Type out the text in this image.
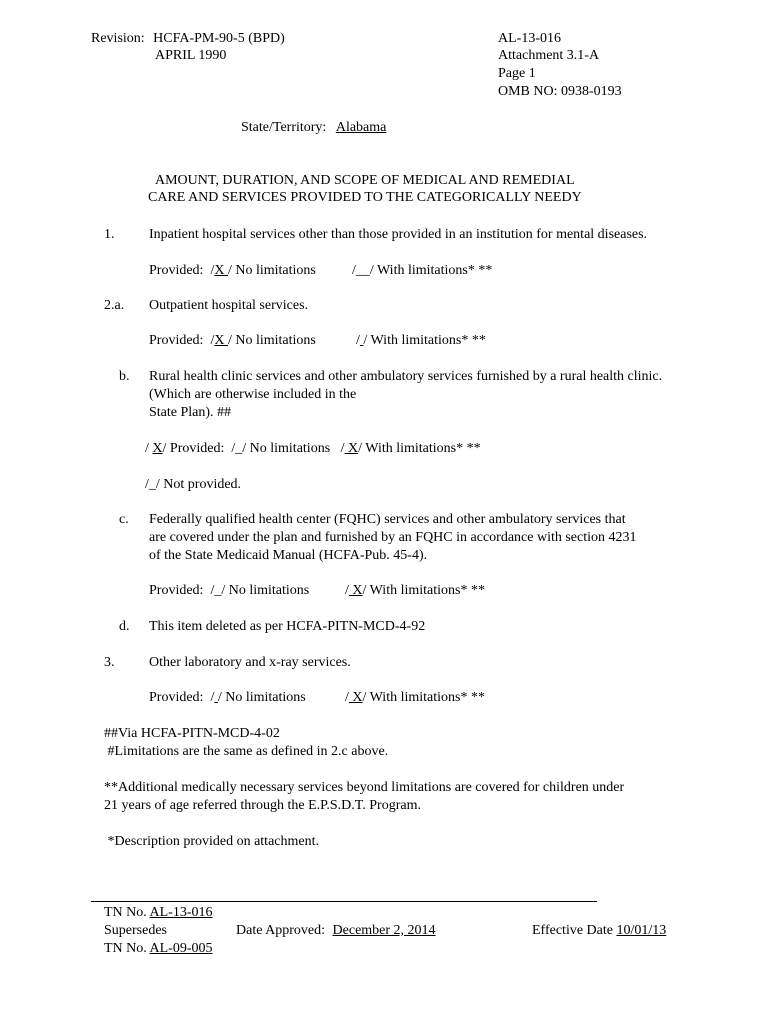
Revision: HCFA-PM-90-5 (BPD)
APRIL 1990
AL-13-016
Attachment 3.1-A
Page 1
OMB NO: 0938-0193
State/Territory: Alabama
AMOUNT, DURATION, AND SCOPE OF MEDICAL AND REMEDIAL
CARE AND SERVICES PROVIDED TO THE CATEGORICALLY NEEDY
1. Inpatient hospital services other than those provided in an institution for mental diseases.
Provided:  /X / No limitations	/__/ With limitations* **
2.a. Outpatient hospital services.
Provided:  /X / No limitations	/ / With limitations* **
b. Rural health clinic services and other ambulatory services furnished by a rural health clinic.
(Which are otherwise included in the
State Plan). ##
/ X/ Provided:  /_/ No limitations   / X/ With limitations* **
/_/ Not provided.
c. Federally qualified health center (FQHC) services and other ambulatory services that
are covered under the plan and furnished by an FQHC in accordance with section 4231
of the State Medicaid Manual (HCFA-Pub. 45-4).
Provided:  /_/ No limitations	/ X/ With limitations* **
d. This item deleted as per HCFA-PITN-MCD-4-92
3. Other laboratory and x-ray services.
Provided:  / / No limitations	/ X/ With limitations* **
##Via HCFA-PITN-MCD-4-02
#Limitations are the same as defined in 2.c above.
**Additional medically necessary services beyond limitations are covered for children under
21 years of age referred through the E.P.S.D.T. Program.
*Description provided on attachment.
TN No. AL-13-016
Supersedes
TN No. AL-09-005
Date Approved: December 2, 2014	Effective Date 10/01/13
